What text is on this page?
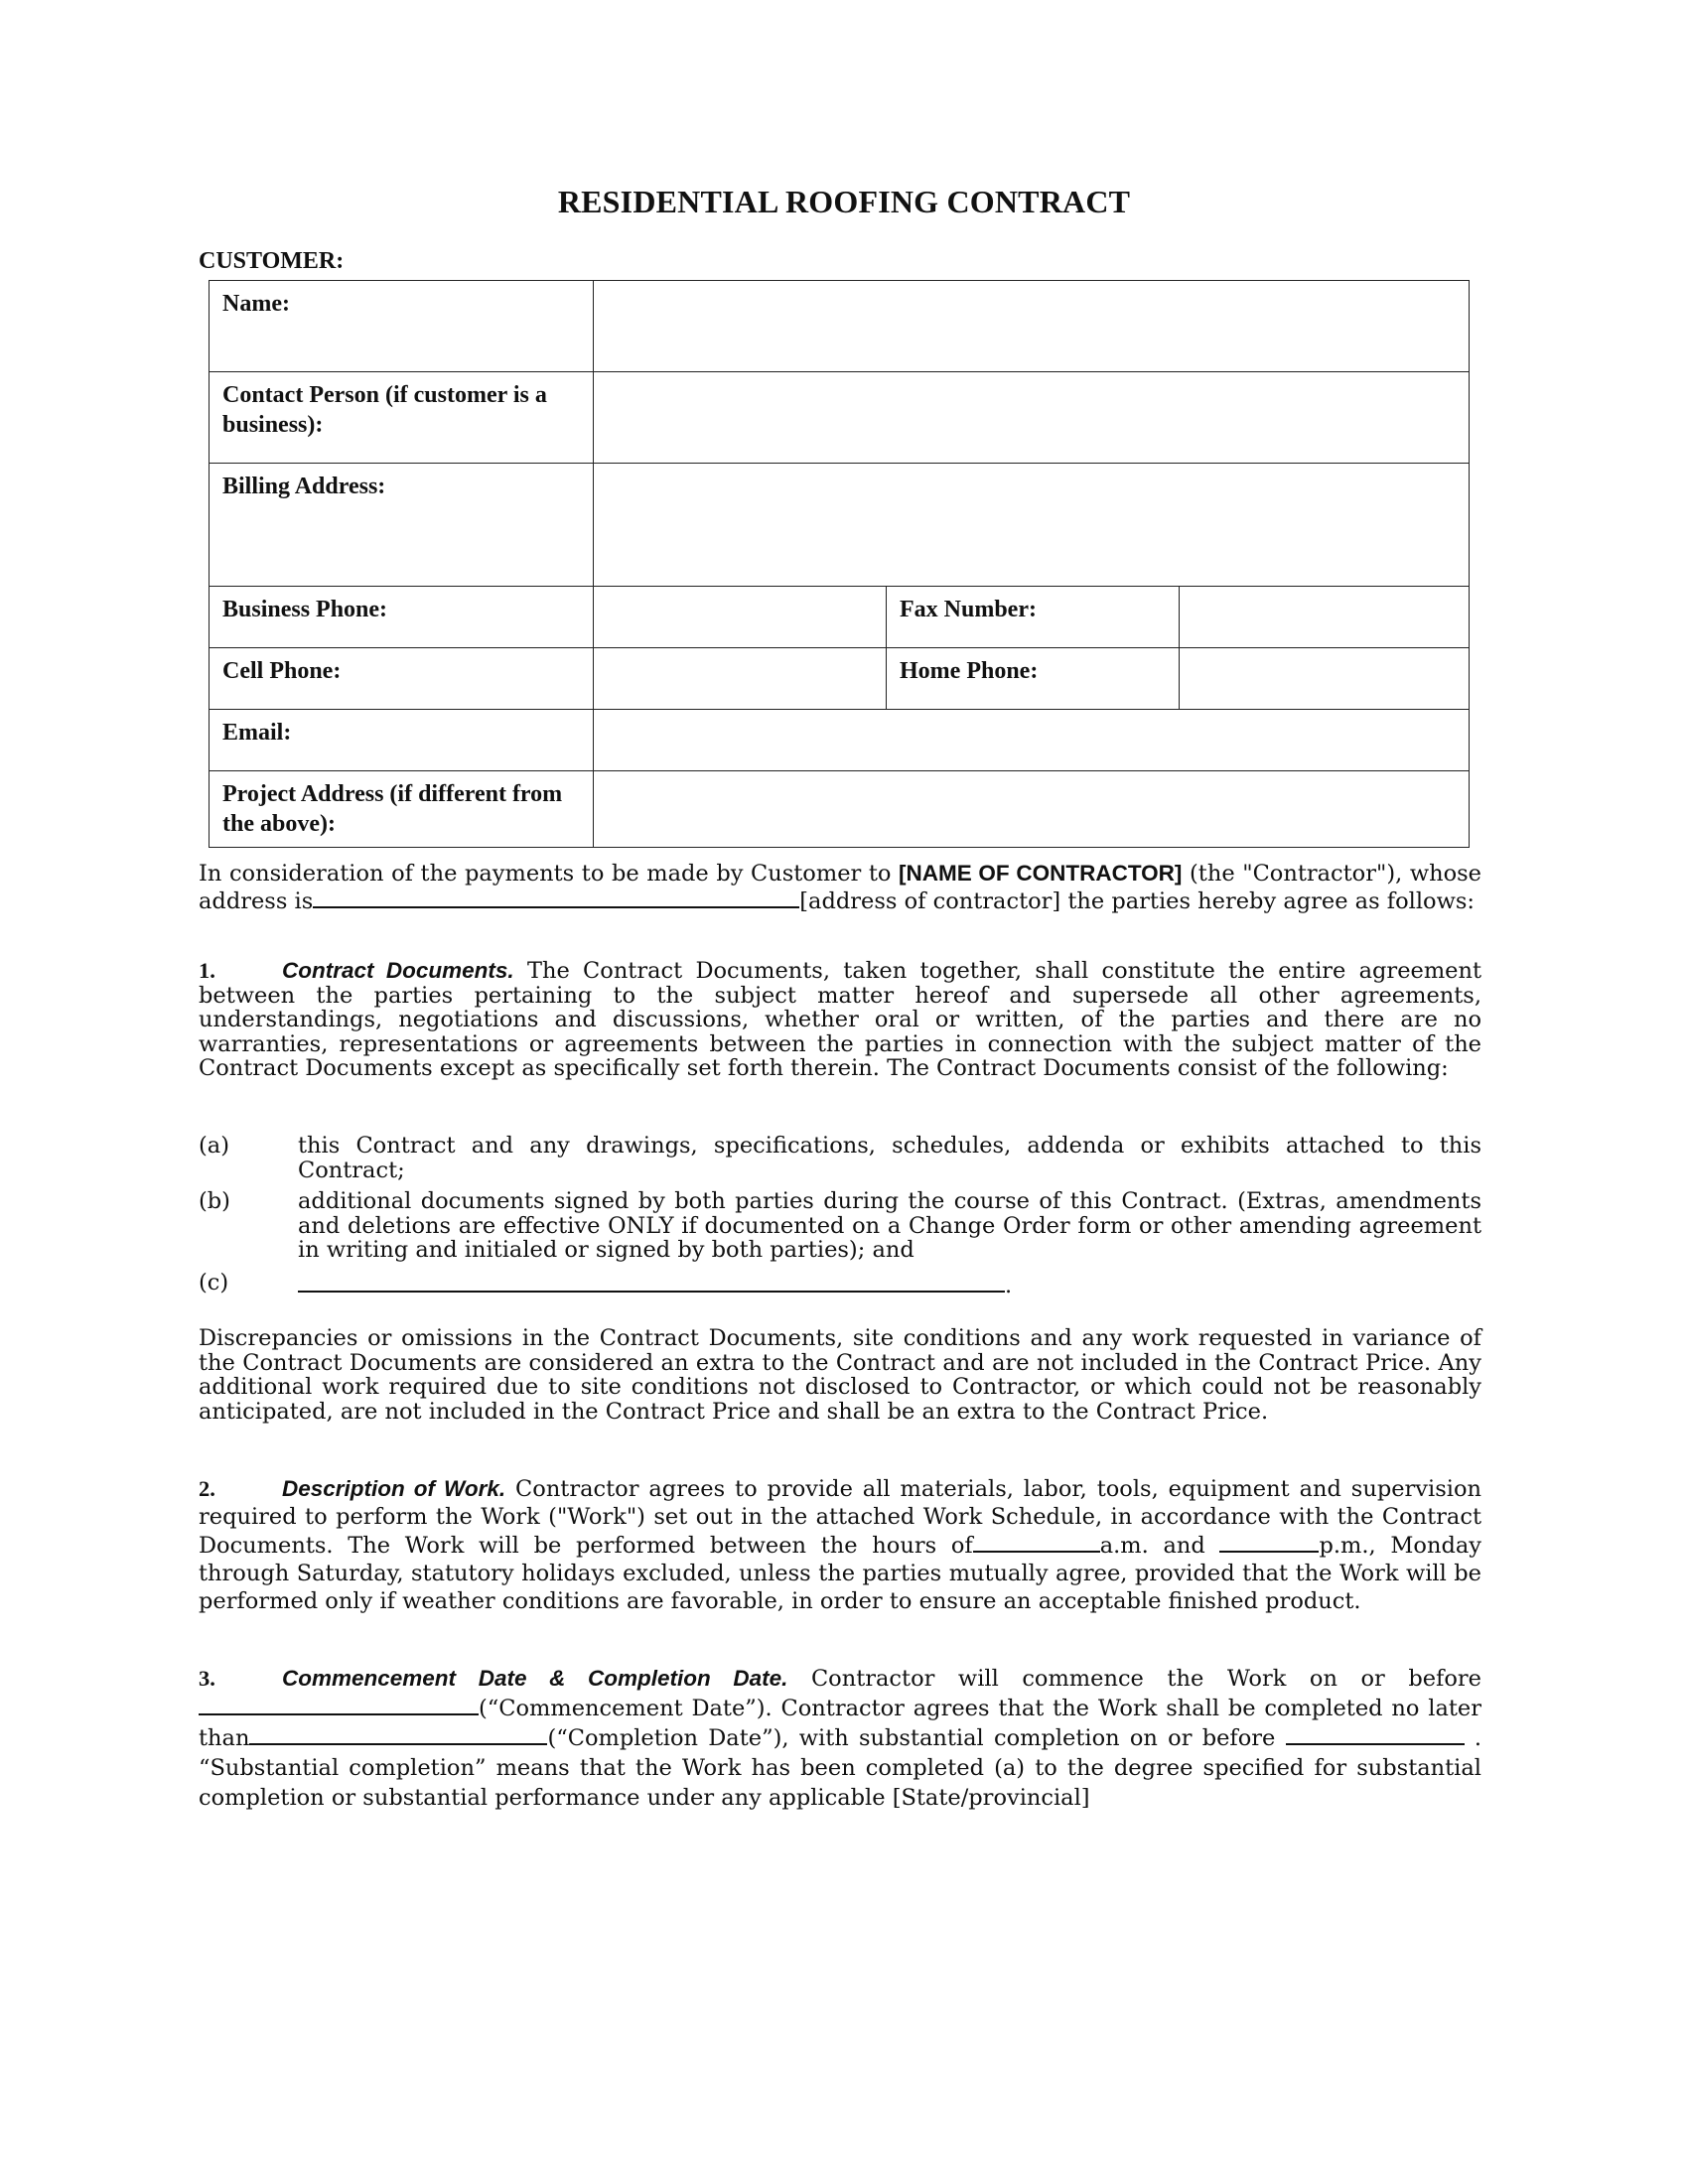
RESIDENTIAL ROOFING CONTRACT
CUSTOMER:
Name:			
Contact Person (if customer is a business):			
Billing Address:			
Business Phone:		Fax Number:	
Cell Phone:		Home Phone:	
Email:			
Project Address (if different from the above):			
In consideration of the payments to be made by Customer to [NAME OF CONTRACTOR] (the "Contractor"), whose address is	[address of contractor] the parties hereby agree as follows:
1.	Contract Documents. The Contract Documents, taken together, shall constitute the entire agreement between the parties pertaining to the subject matter hereof and supersede all other agreements, understandings, negotiations and discussions, whether oral or written, of the parties and there are no warranties, representations or agreements between the parties in connection with the subject matter of the Contract Documents except as specifically set forth therein. The Contract Documents consist of the following:
(a)	this Contract and any drawings, specifications, schedules, addenda or exhibits attached to this Contract;
(b)	additional documents signed by both parties during the course of this Contract. (Extras, amendments and deletions are effective ONLY if documented on a Change Order form or other amending agreement in writing and initialed or signed by both parties); and
(c)	.
Discrepancies or omissions in the Contract Documents, site conditions and any work requested in variance of the Contract Documents are considered an extra to the Contract and are not included in the Contract Price. Any additional work required due to site conditions not disclosed to Contractor, or which could not be reasonably anticipated, are not included in the Contract Price and shall be an extra to the Contract Price.
2.	Description of Work. Contractor agrees to provide all materials, labor, tools, equipment and supervision required to perform the Work ("Work") set out in the attached Work Schedule, in accordance with the Contract Documents. The Work will be performed between the hours of	a.m. and	p.m., Monday through Saturday, statutory holidays excluded, unless the parties mutually agree, provided that the Work will be performed only if weather conditions are favorable, in order to ensure an acceptable finished product.
3.	Commencement Date & Completion Date. Contractor will commence the Work on or before (“Commencement Date”). Contractor agrees that the Work shall be completed no later than	(“Completion Date”), with substantial completion on or before	. “Substantial completion” means that the Work has been completed (a) to the degree specified for substantial completion or substantial performance under any applicable [State/provincial]
